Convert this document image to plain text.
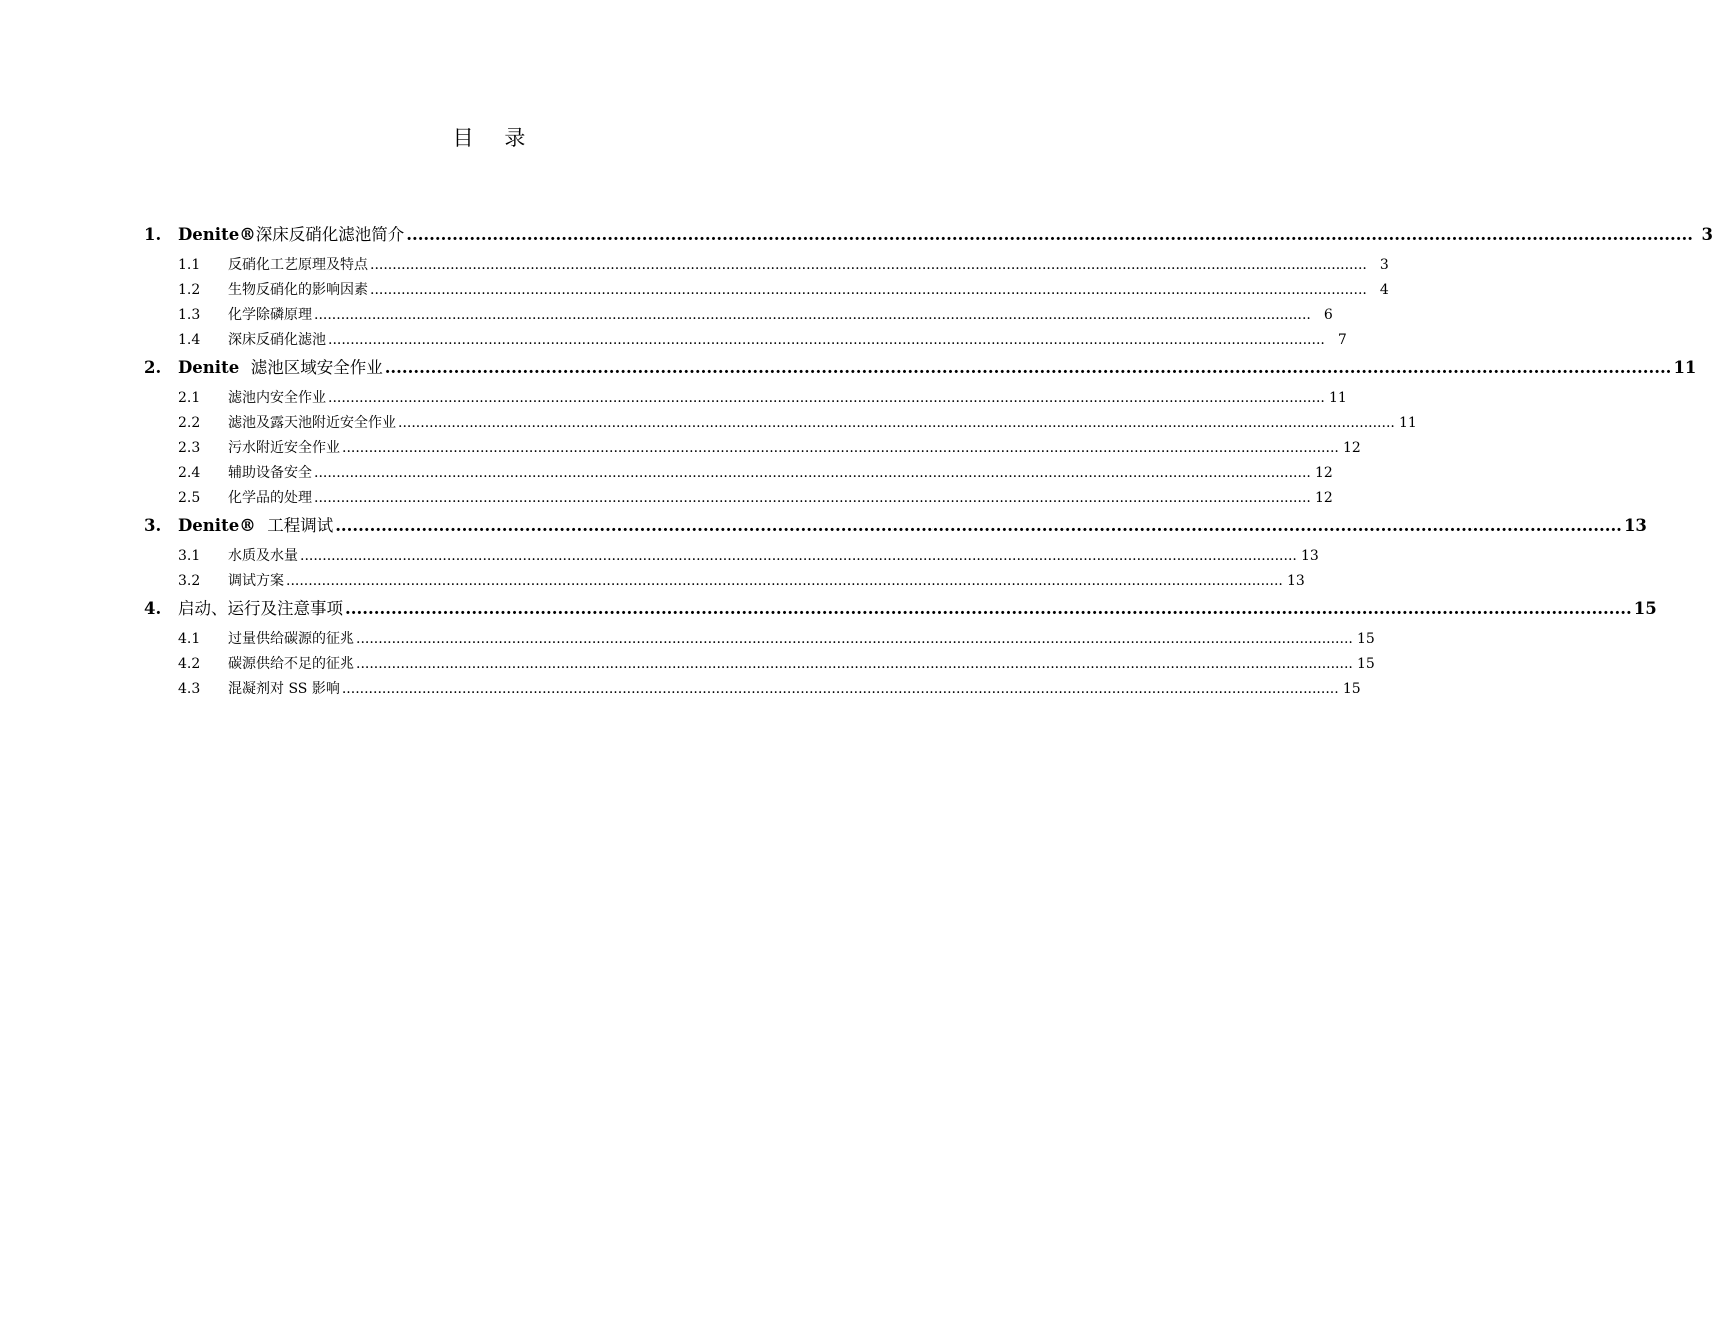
目 录
1.	Denite®深床反硝化滤池简介 .....	3
1.1	反硝化工艺原理及特点 .....	3
1.2	生物反硝化的影响因素 .....	4
1.3	化学除磷原理 .....	6
1.4	深床反硝化滤池 .....	7
2.	Denite  滤池区域安全作业 .....	11
2.1	滤池内安全作业 .....	11
2.2	滤池及露天池附近安全作业 .....	11
2.3	污水附近安全作业 .....	12
2.4	辅助设备安全 .....	12
2.5	化学品的处理 .....	12
3.	Denite®  工程调试 .....	13
3.1	水质及水量 .....	13
3.2	调试方案 .....	13
4.	启动、运行及注意事项 .....	15
4.1	过量供给碳源的征兆 .....	15
4.2	碳源供给不足的征兆 .....	15
4.3	混凝剂对 SS 影响 .....	15
